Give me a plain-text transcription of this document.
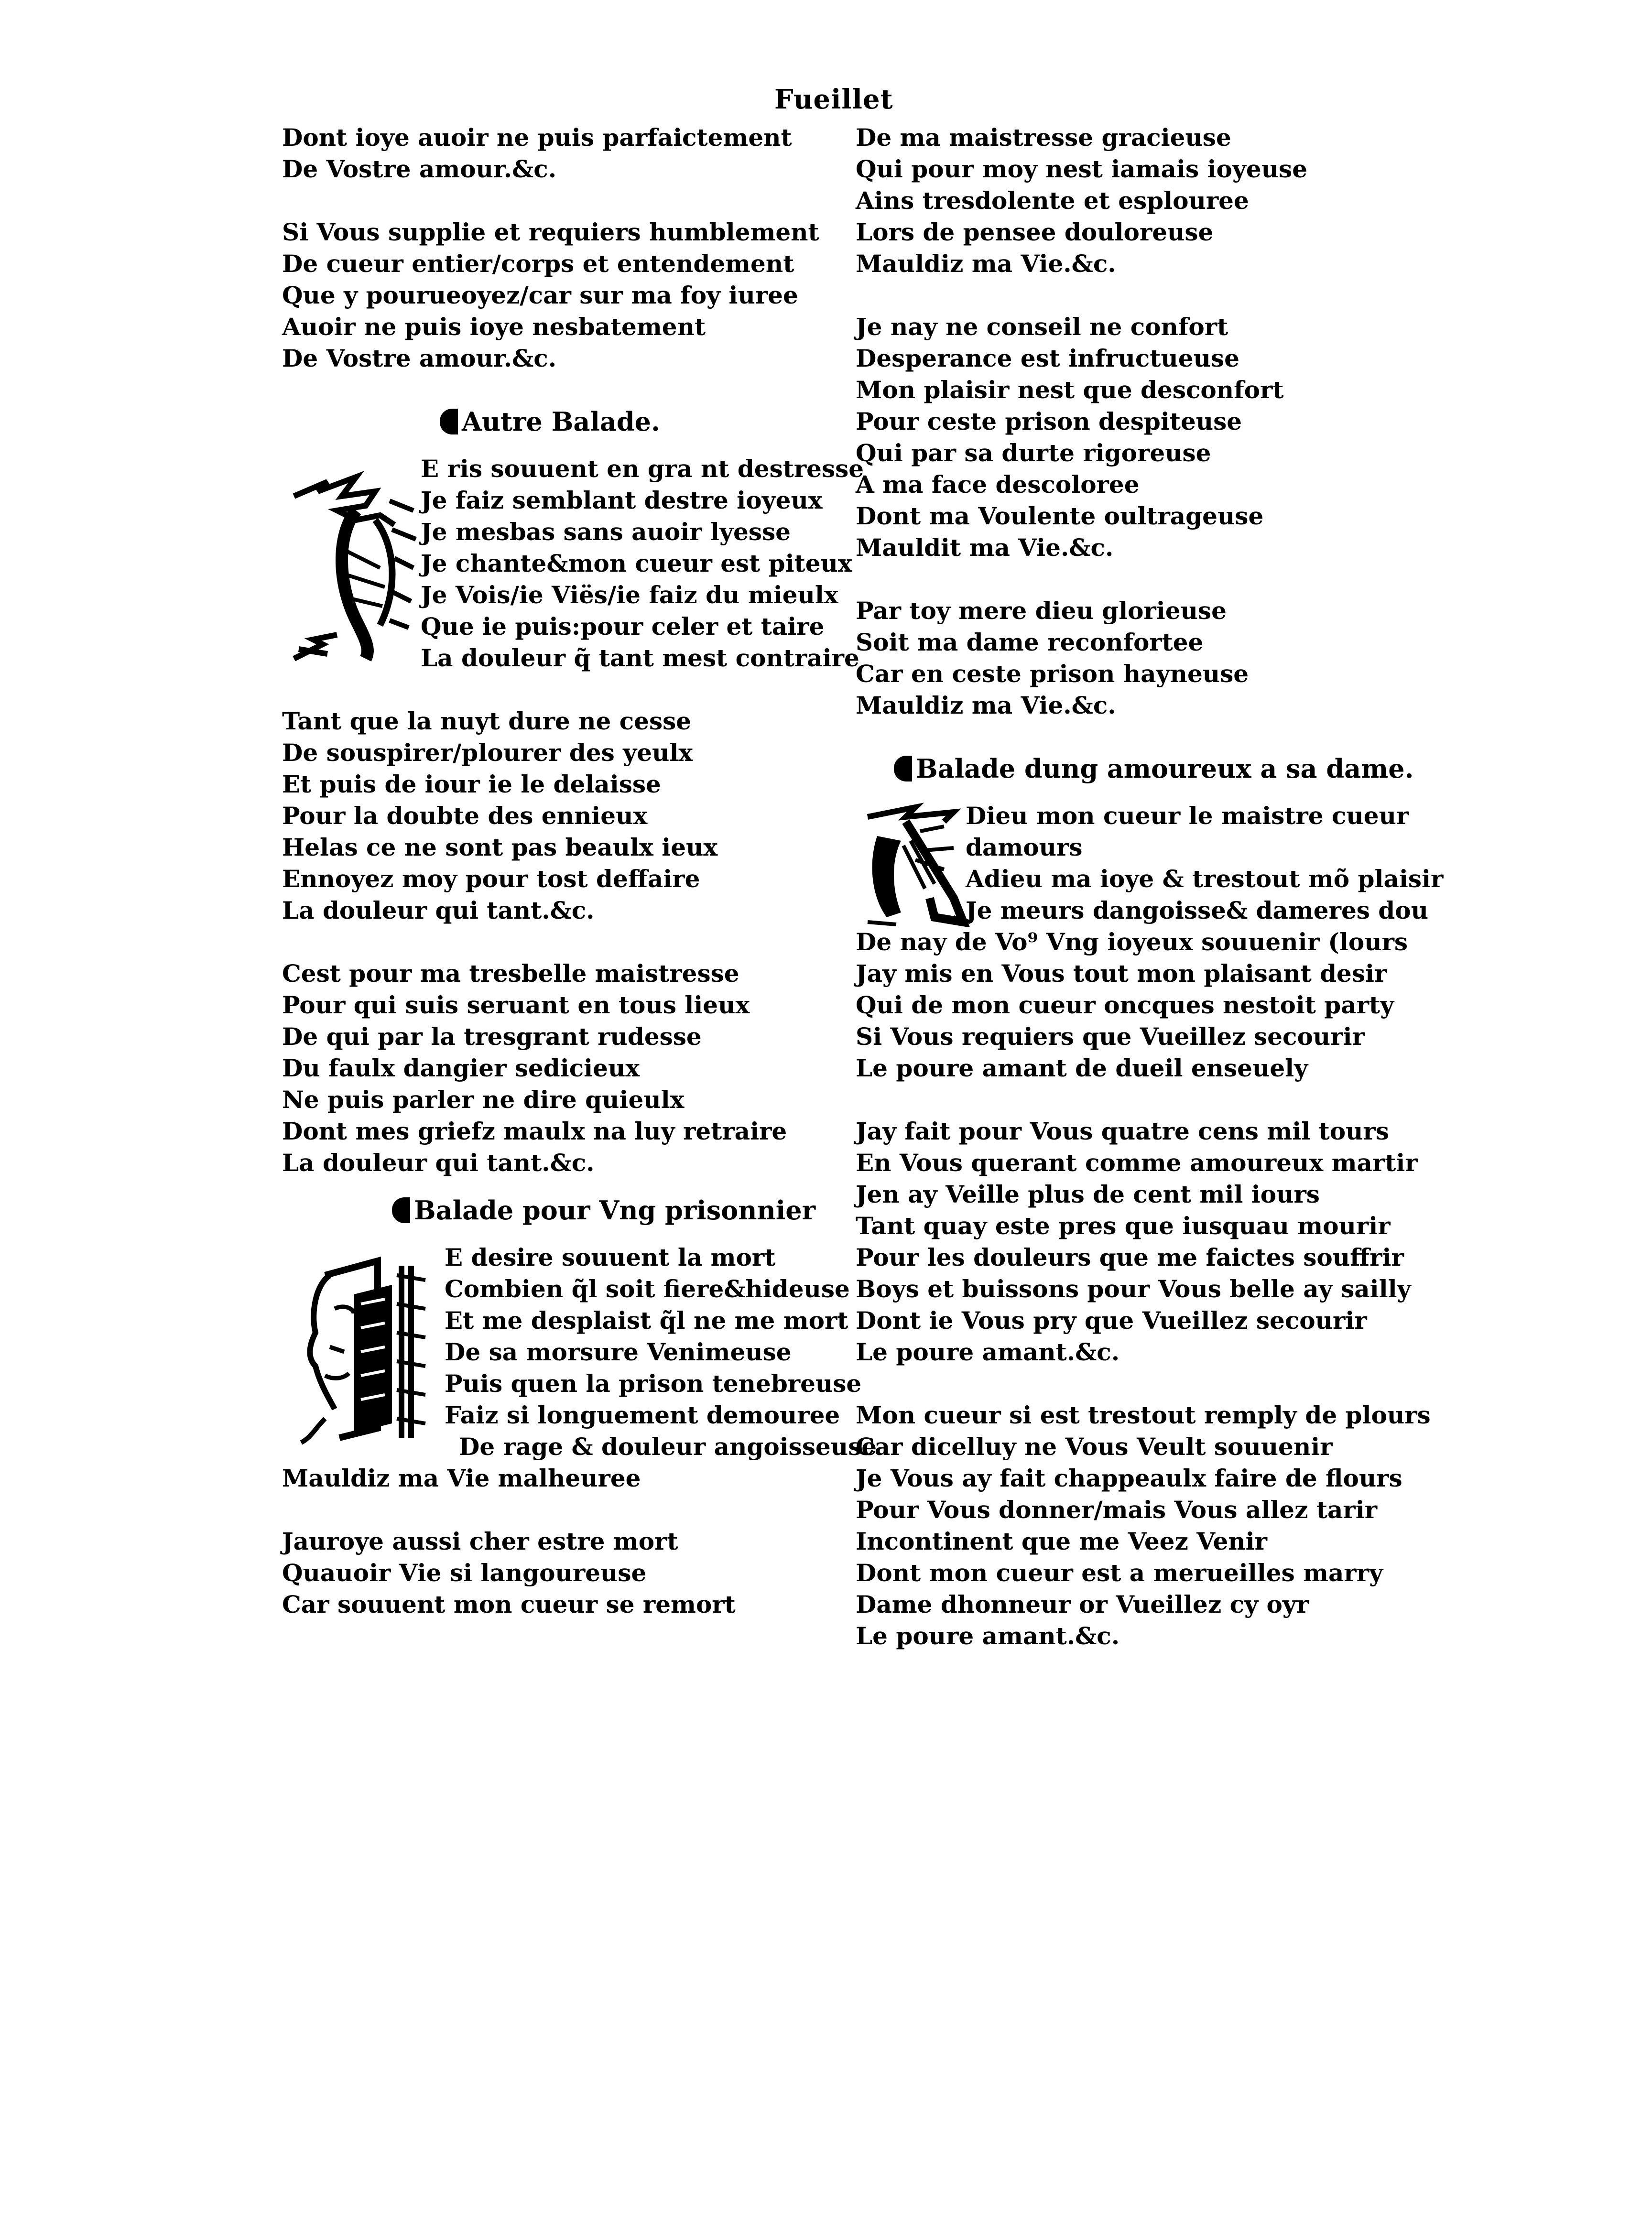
Fueillet
Dont ioye auoir ne puis parfaictement
De Vostre amour.&c.
Si Vous supplie et requiers humblement
De cueur entier/corps et entendement
Que y pourueoyez/car sur ma foy iuree
Auoir ne puis ioye nesbatement
De Vostre amour.&c.
Autre Balade.
E ris souuent en gra nt destresse
Je faiz semblant destre ioyeux
Je mesbas sans auoir lyesse
Je chante&mon cueur est piteux
Je Vois/ie Viës/ie faiz du mieulx
Que ie puis:pour celer et taire
La douleur q̃ tant mest contraire
Tant que la nuyt dure ne cesse
De souspirer/plourer des yeulx
Et puis de iour ie le delaisse
Pour la doubte des ennieux
Helas ce ne sont pas beaulx ieux
Ennoyez moy pour tost deffaire
La douleur qui tant.&c.
Cest pour ma tresbelle maistresse
Pour qui suis seruant en tous lieux
De qui par la tresgrant rudesse
Du faulx dangier sedicieux
Ne puis parler ne dire quieulx
Dont mes griefz maulx na luy retraire
La douleur qui tant.&c.
Balade pour Vng prisonnier
E desire souuent la mort
Combien q̃l soit fiere&hideuse
Et me desplaist q̃l ne me mort
De sa morsure Venimeuse
Puis quen la prison tenebreuse
Faiz si longuement demouree
De rage & douleur angoisseuse
Mauldiz ma Vie malheuree
Jauroye aussi cher estre mort
Quauoir Vie si langoureuse
Car souuent mon cueur se remort
De ma maistresse gracieuse
Qui pour moy nest iamais ioyeuse
Ains tresdolente et esplouree
Lors de pensee douloreuse
Mauldiz ma Vie.&c.
Je nay ne conseil ne confort
Desperance est infructueuse
Mon plaisir nest que desconfort
Pour ceste prison despiteuse
Qui par sa durte rigoreuse
A ma face descoloree
Dont ma Voulente oultrageuse
Mauldit ma Vie.&c.
Par toy mere dieu glorieuse
Soit ma dame reconfortee
Car en ceste prison hayneuse
Mauldiz ma Vie.&c.
Balade dung amoureux a sa dame.
Dieu mon cueur le maistre cueur
damours
Adieu ma ioye & trestout mõ plaisir
Je meurs dangoisse& dameres dou
De nay de Vo⁹ Vng ioyeux souuenir (lours
Jay mis en Vous tout mon plaisant desir
Qui de mon cueur oncques nestoit party
Si Vous requiers que Vueillez secourir
Le poure amant de dueil enseuely
Jay fait pour Vous quatre cens mil tours
En Vous querant comme amoureux martir
Jen ay Veille plus de cent mil iours
Tant quay este pres que iusquau mourir
Pour les douleurs que me faictes souffrir
Boys et buissons pour Vous belle ay sailly
Dont ie Vous pry que Vueillez secourir
Le poure amant.&c.
Mon cueur si est trestout remply de plours
Car dicelluy ne Vous Veult souuenir
Je Vous ay fait chappeaulx faire de flours
Pour Vous donner/mais Vous allez tarir
Incontinent que me Veez Venir
Dont mon cueur est a merueilles marry
Dame dhonneur or Vueillez cy oyr
Le poure amant.&c.
